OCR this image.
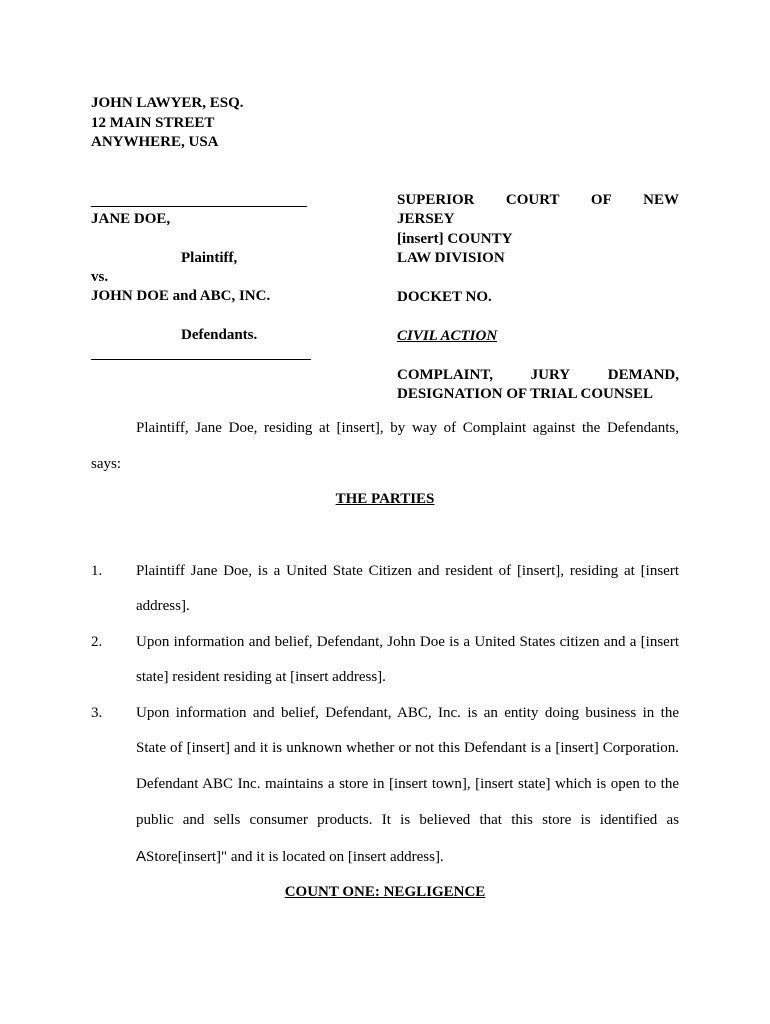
JOHN LAWYER, ESQ.
12 MAIN STREET
ANYWHERE, USA
JANE DOE,
Plaintiff,
vs.
JOHN DOE and ABC, INC.
Defendants.
SUPERIOR COURT OF NEW
JERSEY
[insert] COUNTY
LAW DIVISION
DOCKET NO.
CIVIL ACTION
COMPLAINT,	JURY	DEMAND,
DESIGNATION OF TRIAL COUNSEL
Plaintiff, Jane Doe, residing at [insert], by way of Complaint against the Defendants,
says:
THE PARTIES
1. Plaintiff Jane Doe, is a United State Citizen and resident of [insert], residing at [insert
address].
2. Upon information and belief, Defendant, John Doe is a United States citizen and a [insert
state] resident residing at [insert address].
3. Upon information and belief, Defendant, ABC, Inc. is an entity doing business in the
State of [insert] and it is unknown whether or not this Defendant is a [insert] Corporation.
Defendant ABC Inc. maintains a store in [insert town], [insert state] which is open to the
public and sells consumer products. It is believed that this store is identified as
AStore[insert]" and it is located on [insert address].
COUNT ONE: NEGLIGENCE
